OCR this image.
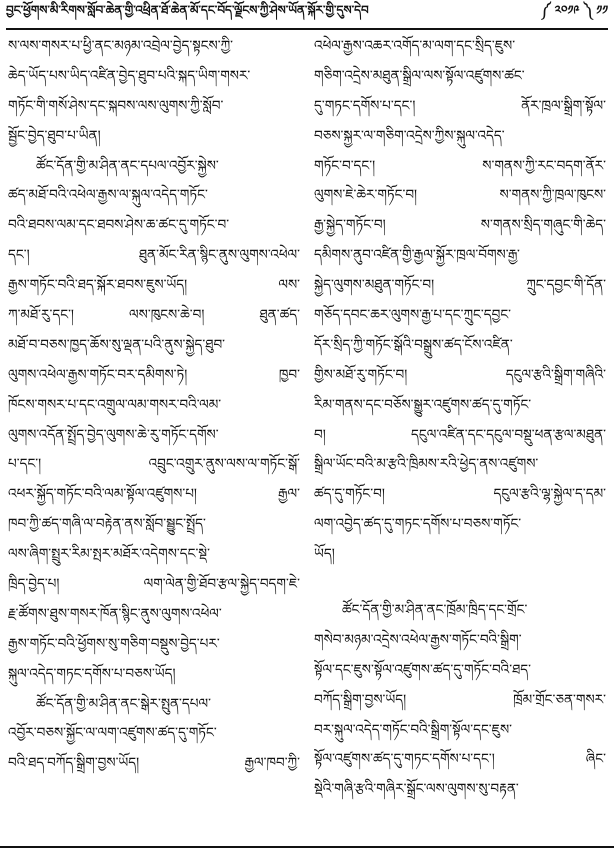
བྱང་ཕྱོགས་མི་རིགས་སློབ་ཆེན་གྱི་འཕྲིན་ཐོ་ཆེན་མོ་དང་བོད་ལྗོངས་ཀྱི་ཤེས་ཡོན་སྐོར་གྱི་དུས་དེབ	༼ ༢༠༡༩ ༽ ༡༡
ས་ལས་གསར་པ་ཕྱི་ནང་མཉམ་འབྲེལ་བྱེད་སྟངས་ཀྱི་
ཆེད་ཡོད་པས་ཡིད་འཛིན་བྱེད་ཐུབ་པའི་སྐད་ཡིག་གསར་
གཏོང་གི་གསོ་ཤེས་དང་སྐབས་ལས་ལུགས་ཀྱི་སློབ་
སྦྱོང་བྱེད་ཐུབ་པ་ཡིན།
ཚོང་དོན་གྱི་མ་ཤིན་ནང་དཔལ་འབྱོར་སྐྱེས་
ཚད་མཐོ་བའི་འཕེལ་རྒྱས་ལ་སྐུལ་འདེད་གཏོང་
བའི་ཐབས་ལམ་དང་ཐབས་ཤེས་ཆ་ཚང་དུ་གཏོང་བ་
དང་། ཐུན་མོང་རིན་སྙིང་ནུས་ལུགས་འཕེལ་
རྒྱས་གཏོང་བའི་ཐད་སྐོར་ཐབས་ཇུས་ཡོད། ལས་
ཀ་མཐོ་རུ་དང་། ལས་ཁུངས་ཆེ་བ། ཐུན་ཚད་
མཐོ་བ་བཅས་ཁྱད་ཆོས་སུ་ལྡན་པའི་ནུས་སྐྱེད་ཐུབ་
ལུགས་འཕེལ་རྒྱས་གཏོང་བར་དམིགས་ཏེ། ཁྱབ་
ཁོངས་གསར་པ་དང་འགྲུལ་ལམ་གསར་བའི་ལམ་
ལུགས་འདོན་སྤྲོད་བྱེད་ལུགས་ཆེ་རུ་གཏོང་དགོས་
པ་དང་། འབྲུང་འགྲུར་ནུས་ལས་ལ་གཏོང་སྒོ་
འཕར་སྐྱོད་གཏོང་བའི་ལམ་སྟོལ་འཛུགས་པ། རྒྱལ་
ཁབ་ཀྱི་ཚད་གཞི་ལ་བརྟེན་ནས་སློབ་སྦྱུང་སྤྲོད་
ལས་ཞིག་སྤྲུར་རིམ་སྤར་མཐོར་འདེགས་དང་སྡེ་
ཁྲིད་བྱེད་པ། ལག་ལེན་གྱི་ཐོབ་རྩལ་སྐྱེད་བདག་ཇེ་
རྗ་ཚོགས་ཐུས་གསར་ཁོན་སྙིང་ནུས་ལུགས་འཕེལ་
རྒྱས་གཏོང་བའི་ཕྱོགས་སུ་གཅིག་བསྡུས་བྱེད་པར་
སྐུལ་འདེད་གཏང་དགོས་པ་བཅས་ཡོད།
ཚོང་དོན་གྱི་མ་ཤིན་ནང་སྒེར་སྤུན་དཔལ་
འབྱོར་བཅས་སྐྱོང་ལ་ལག་འཛུགས་ཚད་དུ་གཏོང་
བའི་ཐད་བཀོད་སྒྲིག་བྱས་ཡོད། རྒྱལ་ཁབ་ཀྱི་
འཕེལ་རྒྱས་འཆར་འགོད་མ་ལག་དང་སྲིད་ཇུས་
གཅིག་འདྲེས་མཐུན་སྒྲིལ་ལས་སྟོལ་འཛུགས་ཚང་
དུ་གཏང་དགོས་པ་དང་། ནོར་ཁྲལ་སྒྲིག་སྟོལ་
བཅས་སྐྱར་ལ་གཅིག་འདྲེས་ཀྱིས་སྐུལ་འདེད་
གཏོང་བ་དང་། ས་གནས་ཀྱི་རང་བདག་ནོར་
ལུགས་ཇེ་ཆེར་གཏོང་བ། ས་གནས་ཀྱི་ཁྲལ་ཁུངས་
རྒྱ་སྐྱེད་གཏོང་བ། ས་གནས་སྲིད་གཞུང་གི་ཆེད་
དམིགས་ནུབ་འཛིན་གྱི་རྒྱལ་སྐྱོར་ཁྲལ་བོགས་རྒྱ་
སྐྱེད་ལུགས་མཐུན་གཏོང་བ། ཀྲུང་དབྱང་གི་དོན་
གཅོད་དབང་ཆར་ལུགས་རྒྱ་པ་དང་ཀྲུང་དབྱང་
དོར་སྲིད་ཀྱི་གཏོང་སྒོའི་བསྒྲུས་ཚད་ངོས་འཛིན་
གྱིས་མཐོ་རུ་གཏོང་བ། དངུལ་རྩའི་སྒྲིག་གཞིའི་
རིམ་གནས་དང་བཅོས་སྒྱུར་འཛུགས་ཚད་དུ་གཏོང་
བ། དངུལ་འཛིན་དང་དངུལ་བསྡུ་ཕན་རྩལ་མཐུན་
སྒྲིལ་ཡོང་བའི་མ་རྩའི་ཁྲིམས་རའི་ཕྱེད་ནས་འཛུགས་
ཚད་དུ་གཏོང་བ། དངུལ་རྩའི་ལྷ་སྐྱེལ་ད་དམ་
ལག་འབྱེད་ཚད་དུ་གཏང་དགོས་པ་བཅས་གཏོང་
ཡོད།
ཚོང་དོན་གྱི་མ་ཤིན་ནང་ཁྲོམ་ཁྲིད་དང་གྲོང་
གསེབ་མཉམ་འདྲེས་འཕེལ་རྒྱས་གཏོང་བའི་སྒྲིག་
སྟོལ་དང་ཇུས་སྟོལ་འཛུགས་ཚད་དུ་གཏོང་བའི་ཐད་
བཀོད་སྒྲིག་བྱས་ཡོད། ཁྲོམ་གྲོང་ཅན་གསར་
བར་སྐུལ་འདེད་གཏོང་བའི་སྒྲིག་སྟོལ་དང་ཇུས་
སྟོལ་འཛུགས་ཚད་དུ་གཏང་དགོས་པ་དང་། ཞིང་
སྡེའི་གཞི་རྩའི་གཞིར་སྒྲོང་ལས་ལུགས་སུ་བརྟན་
